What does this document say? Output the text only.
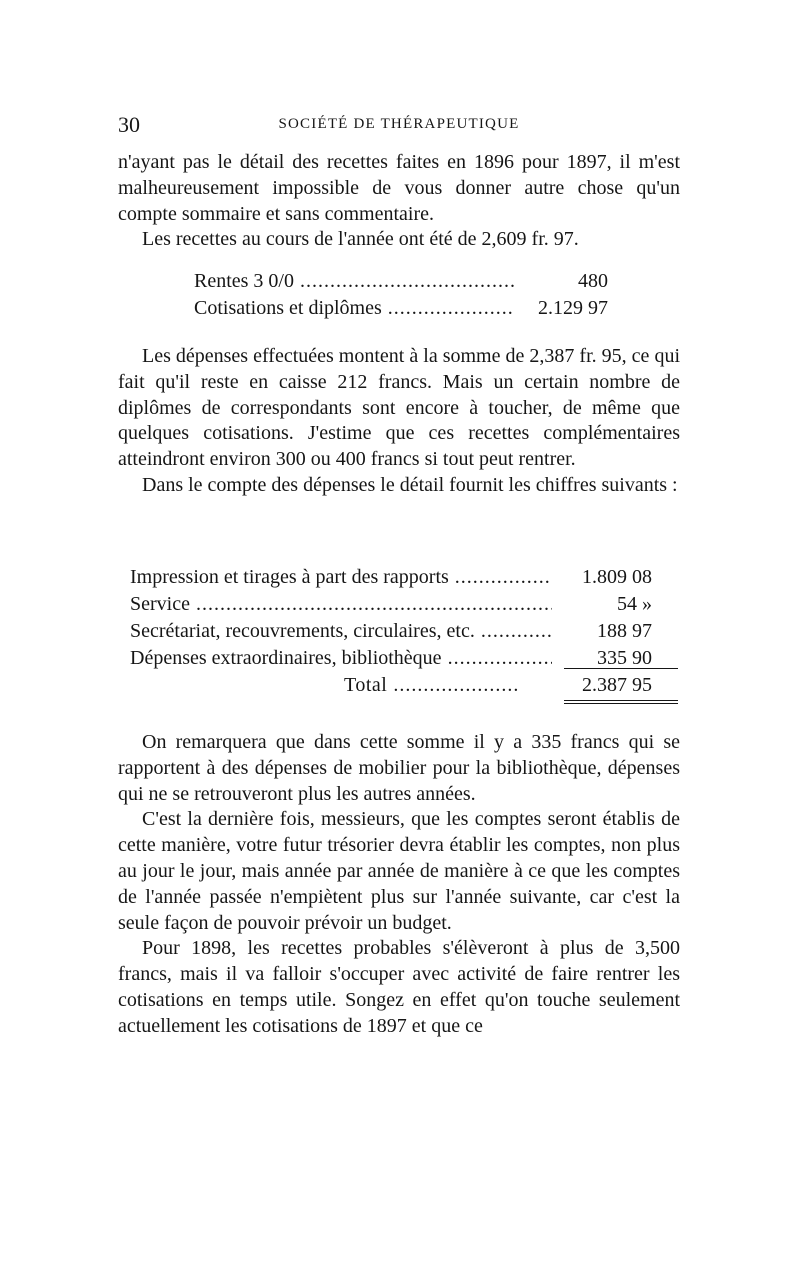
30	SOCIÉTÉ DE THÉRAPEUTIQUE

n'ayant pas le détail des recettes faites en 1896 pour 1897, il m'est malheureusement impossible de vous donner autre chose qu'un compte sommaire et sans commentaire.

Les recettes au cours de l'année ont été de 2,609 fr. 97.

Rentes 3 0/0 .....	480
Cotisations et diplômes .....	2.129 97

Les dépenses effectuées montent à la somme de 2,387 fr. 95, ce qui fait qu'il reste en caisse 212 francs. Mais un certain nombre de diplômes de correspondants sont encore à toucher, de même que quelques cotisations. J'estime que ces recettes complémentaires atteindront environ 300 ou 400 francs si tout peut rentrer.

Dans le compte des dépenses le détail fournit les chiffres suivants :

Impression et tirages à part des rapports .....	1.809 08
Service .....	54 »
Secrétariat, recouvrements, circulaires, etc. .....	188 97
Dépenses extraordinaires, bibliothèque .....	335 90
Total .....	2.387 95

On remarquera que dans cette somme il y a 335 francs qui se rapportent à des dépenses de mobilier pour la bibliothèque, dépenses qui ne se retrouveront plus les autres années.

C'est la dernière fois, messieurs, que les comptes seront établis de cette manière, votre futur trésorier devra établir les comptes, non plus au jour le jour, mais année par année de manière à ce que les comptes de l'année passée n'empiètent plus sur l'année suivante, car c'est la seule façon de pouvoir prévoir un budget.

Pour 1898, les recettes probables s'élèveront à plus de 3,500 francs, mais il va falloir s'occuper avec activité de faire rentrer les cotisations en temps utile. Songez en effet qu'on touche seulement actuellement les cotisations de 1897 et que ce
